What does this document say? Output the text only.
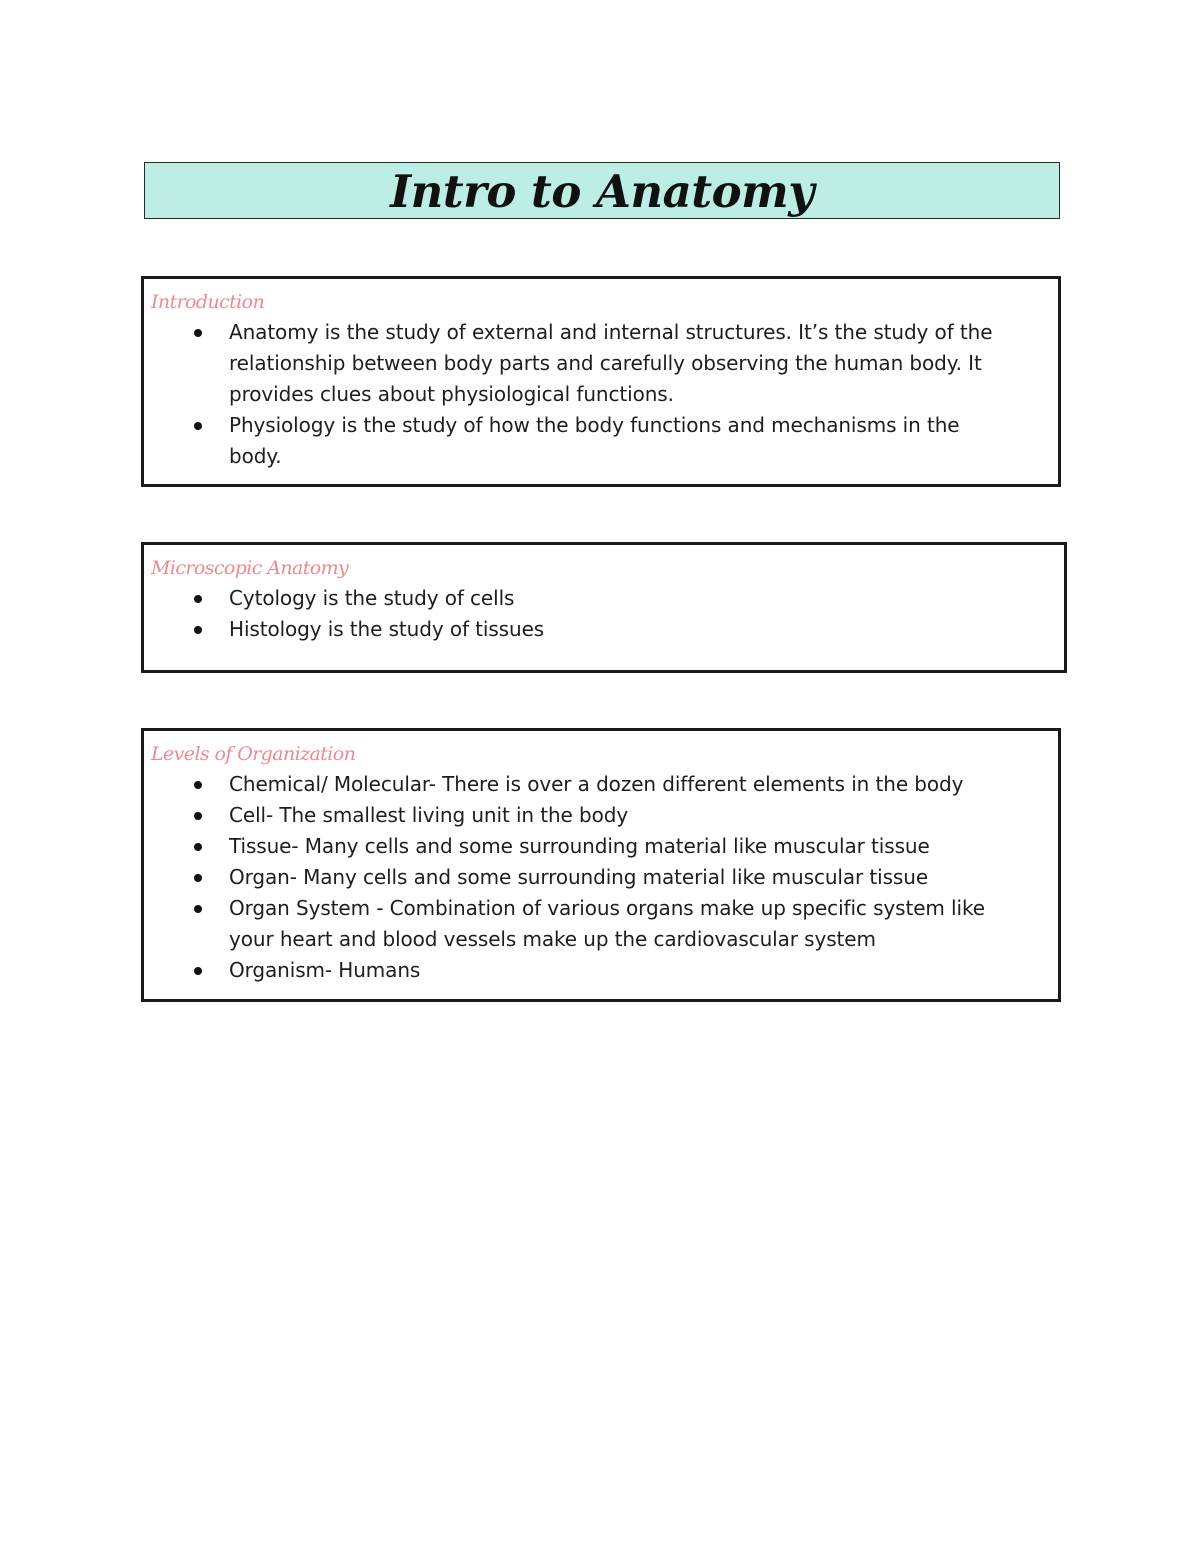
Intro to Anatomy
Introduction
Anatomy is the study of external and internal structures. It’s the study of the relationship between body parts and carefully observing the human body. It provides clues about physiological functions.
Physiology is the study of how the body functions and mechanisms in the body.
Microscopic Anatomy
Cytology is the study of cells
Histology is the study of tissues
Levels of Organization
Chemical/ Molecular- There is over a dozen different elements in the body
Cell- The smallest living unit in the body
Tissue- Many cells and some surrounding material like muscular tissue
Organ- Many cells and some surrounding material like muscular tissue
Organ System - Combination of various organs make up specific system like your heart and blood vessels make up the cardiovascular system
Organism- Humans
